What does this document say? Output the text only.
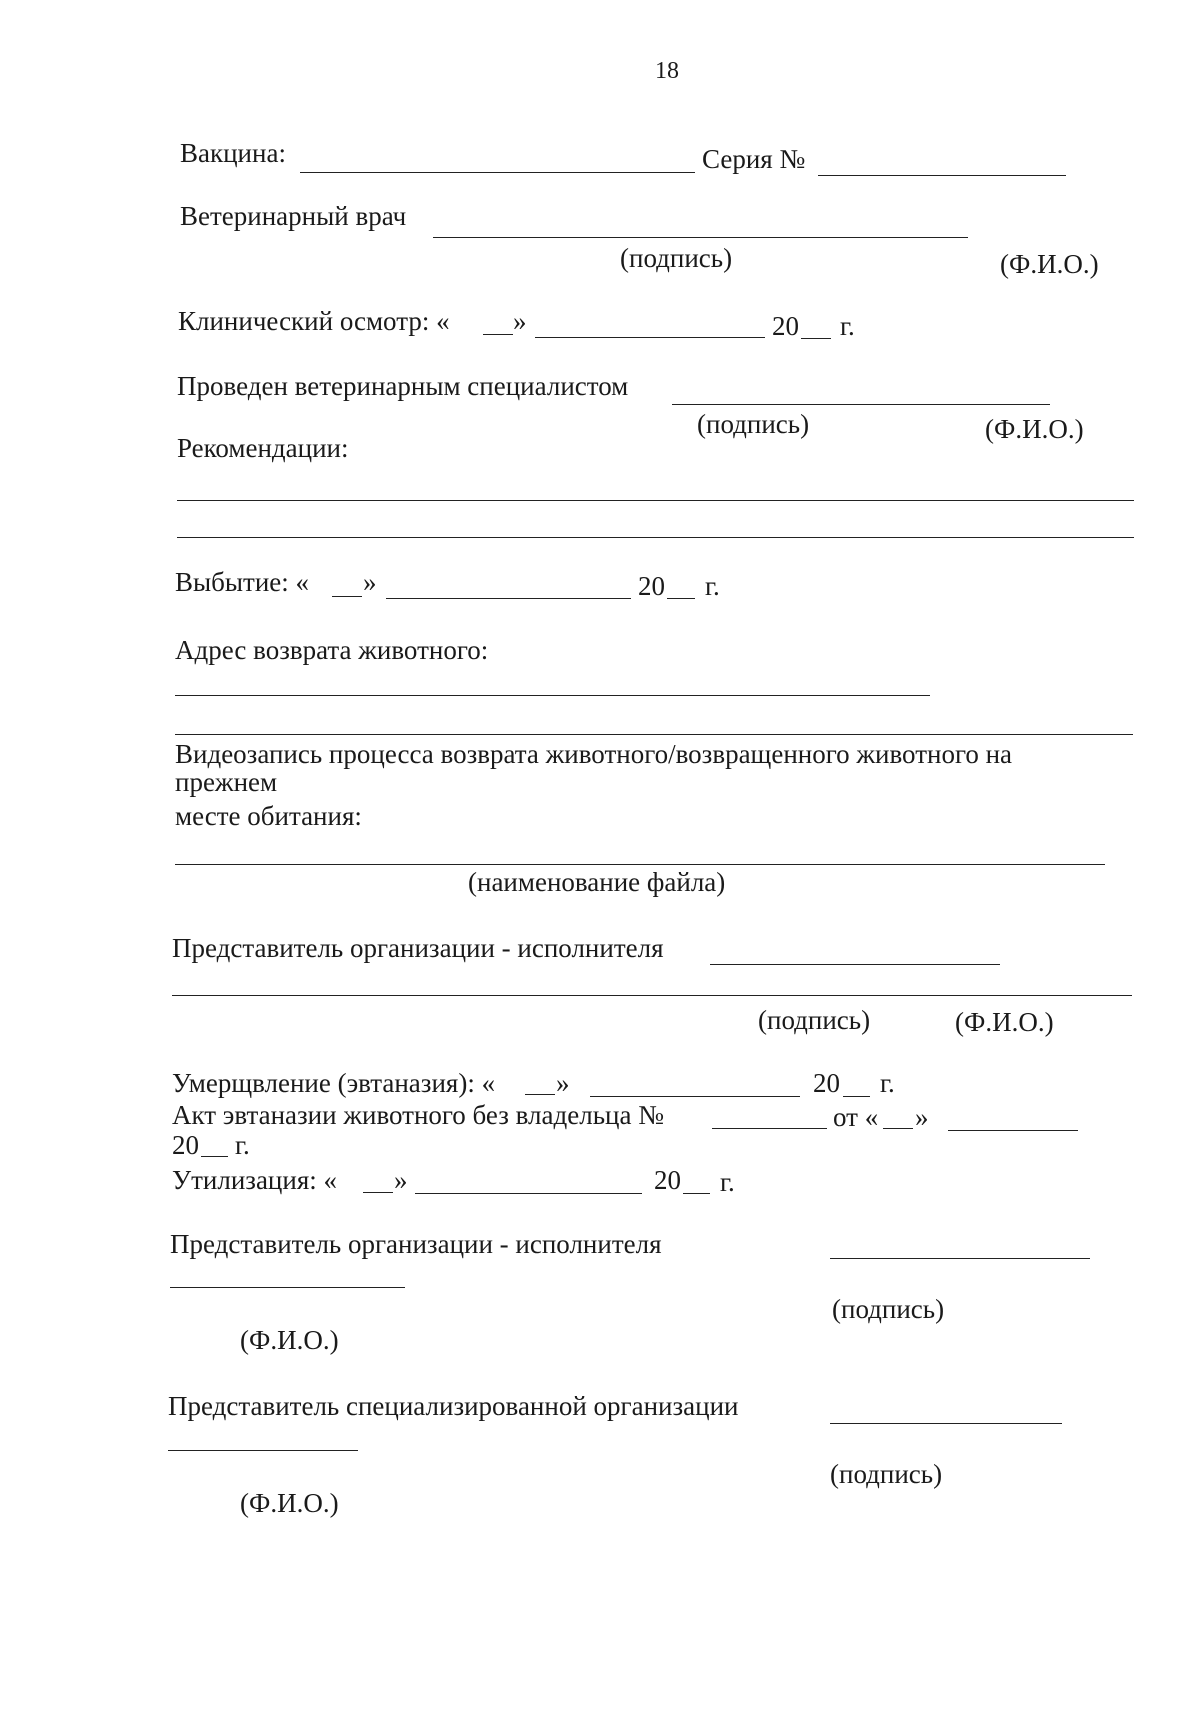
18
Вакцина:	Серия №
Ветеринарный врач
(подпись)	(Ф.И.О.)
Клинический осмотр: « »	20 г.
Проведен ветеринарным специалистом
(подпись)	(Ф.И.О.)
Рекомендации:
Выбытие: « »	20 г.
Адрес возврата животного:
Видеозапись процесса возврата животного/возвращенного животного на
прежнем
месте обитания:
(наименование файла)
Представитель организации - исполнителя
(подпись)	(Ф.И.О.)
Умерщвление (эвтаназия): « »	20 г.
Акт эвтаназии животного без владельца №	от « »
20 г.
Утилизация: « »	20 г.
Представитель организации - исполнителя
(подпись)
(Ф.И.О.)
Представитель специализированной организации
(подпись)
(Ф.И.О.)
